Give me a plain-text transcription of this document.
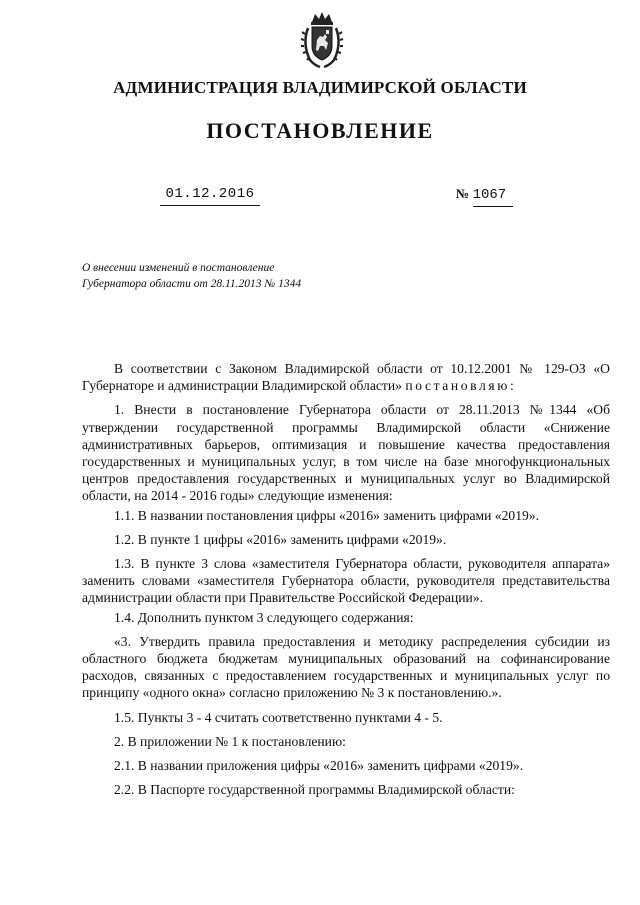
АДМИНИСТРАЦИЯ ВЛАДИМИРСКОЙ ОБЛАСТИ
ПОСТАНОВЛЕНИЕ
01.12.2016	№ 1067
О внесении изменений в постановление
Губернатора области от 28.11.2013 № 1344

В соответствии с Законом Владимирской области от 10.12.2001 № 129-ОЗ «О Губернаторе и администрации Владимирской области» постановляю:

1. Внести в постановление Губернатора области от 28.11.2013 №1344 «Об утверждении государственной программы Владимирской области «Снижение административных барьеров, оптимизация и повышение качества предоставления государственных и муниципальных услуг, в том числе на базе многофункциональных центров предоставления государственных и муниципальных услуг во Владимирской области, на 2014 - 2016 годы» следующие изменения:

1.1. В названии постановления цифры «2016» заменить цифрами «2019».

1.2. В пункте 1 цифры «2016» заменить цифрами «2019».

1.3. В пункте 3 слова «заместителя Губернатора области, руководителя аппарата» заменить словами «заместителя Губернатора области, руководителя представительства администрации области при Правительстве Российской Федерации».

1.4. Дополнить пунктом 3 следующего содержания:

«3. Утвердить правила предоставления и методику распределения субсидии из областного бюджета бюджетам муниципальных образований на софинансирование расходов, связанных с предоставлением государственных и муниципальных услуг по принципу «одного окна» согласно приложению № 3 к постановлению.».

1.5. Пункты 3 - 4 считать соответственно пунктами 4 - 5.

2. В приложении № 1 к постановлению:

2.1. В названии приложения цифры «2016» заменить цифрами «2019».

2.2. В Паспорте государственной программы Владимирской области:
